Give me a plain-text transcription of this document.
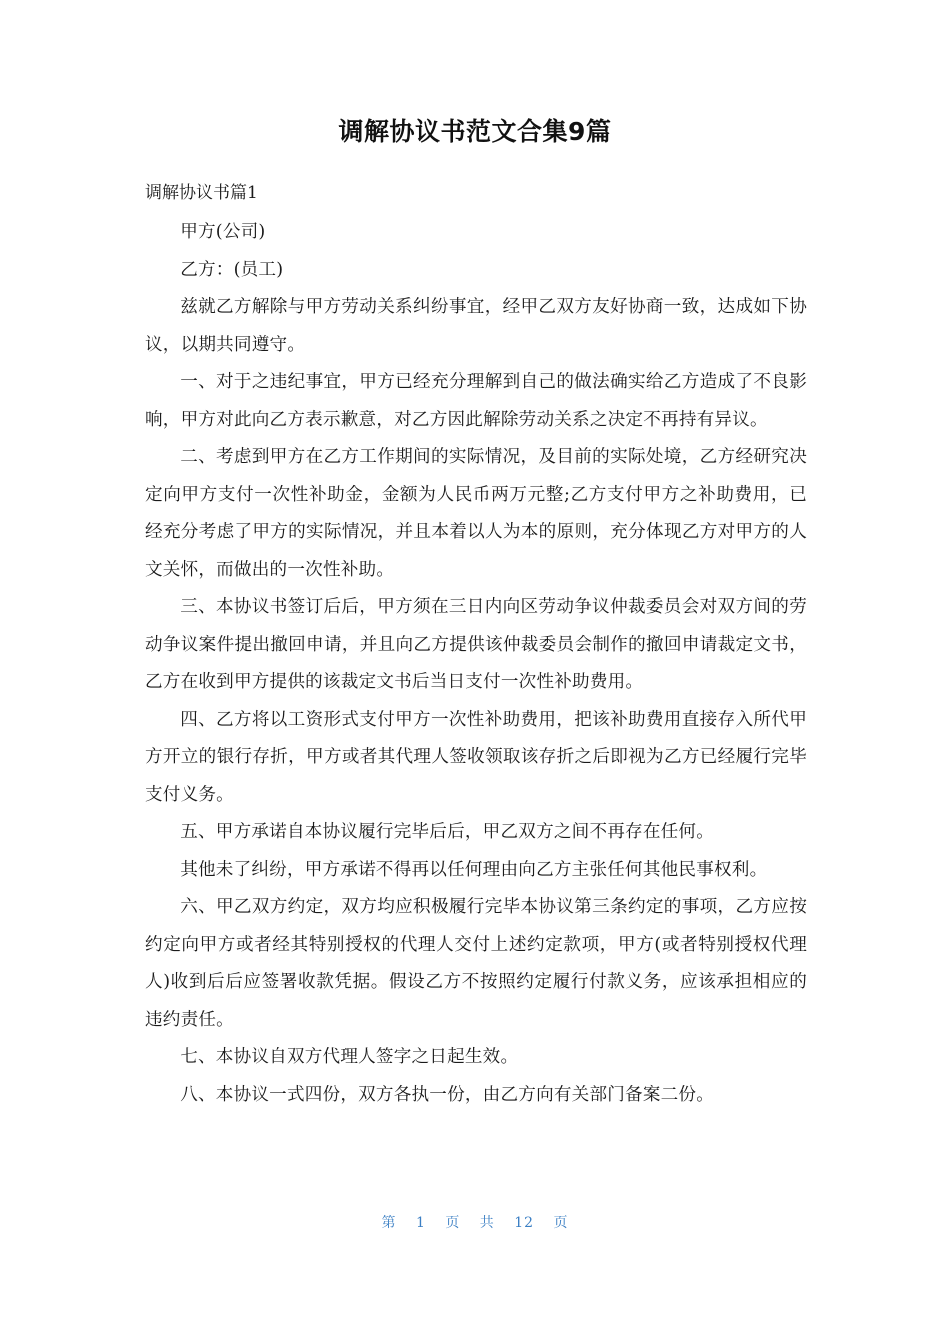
调解协议书范文合集9篇

调解协议书篇1

甲方(公司)

乙方：(员工)

兹就乙方解除与甲方劳动关系纠纷事宜，经甲乙双方友好协商一致，达成如下协议，以期共同遵守。

一、对于之违纪事宜，甲方已经充分理解到自己的做法确实给乙方造成了不良影响，甲方对此向乙方表示歉意，对乙方因此解除劳动关系之决定不再持有异议。

二、考虑到甲方在乙方工作期间的实际情况，及目前的实际处境，乙方经研究决定向甲方支付一次性补助金，金额为人民币两万元整;乙方支付甲方之补助费用，已经充分考虑了甲方的实际情况，并且本着以人为本的原则，充分体现乙方对甲方的人文关怀，而做出的一次性补助。

三、本协议书签订后后，甲方须在三日内向区劳动争议仲裁委员会对双方间的劳动争议案件提出撤回申请，并且向乙方提供该仲裁委员会制作的撤回申请裁定文书，乙方在收到甲方提供的该裁定文书后当日支付一次性补助费用。

四、乙方将以工资形式支付甲方一次性补助费用，把该补助费用直接存入所代甲方开立的银行存折，甲方或者其代理人签收领取该存折之后即视为乙方已经履行完毕支付义务。

五、甲方承诺自本协议履行完毕后后，甲乙双方之间不再存在任何。

其他未了纠纷，甲方承诺不得再以任何理由向乙方主张任何其他民事权利。

六、甲乙双方约定，双方均应积极履行完毕本协议第三条约定的事项，乙方应按约定向甲方或者经其特别授权的代理人交付上述约定款项，甲方(或者特别授权代理人)收到后后应签署收款凭据。假设乙方不按照约定履行付款义务，应该承担相应的违约责任。

七、本协议自双方代理人签字之日起生效。

八、本协议一式四份，双方各执一份，由乙方向有关部门备案二份。

第 1 页 共 12 页
